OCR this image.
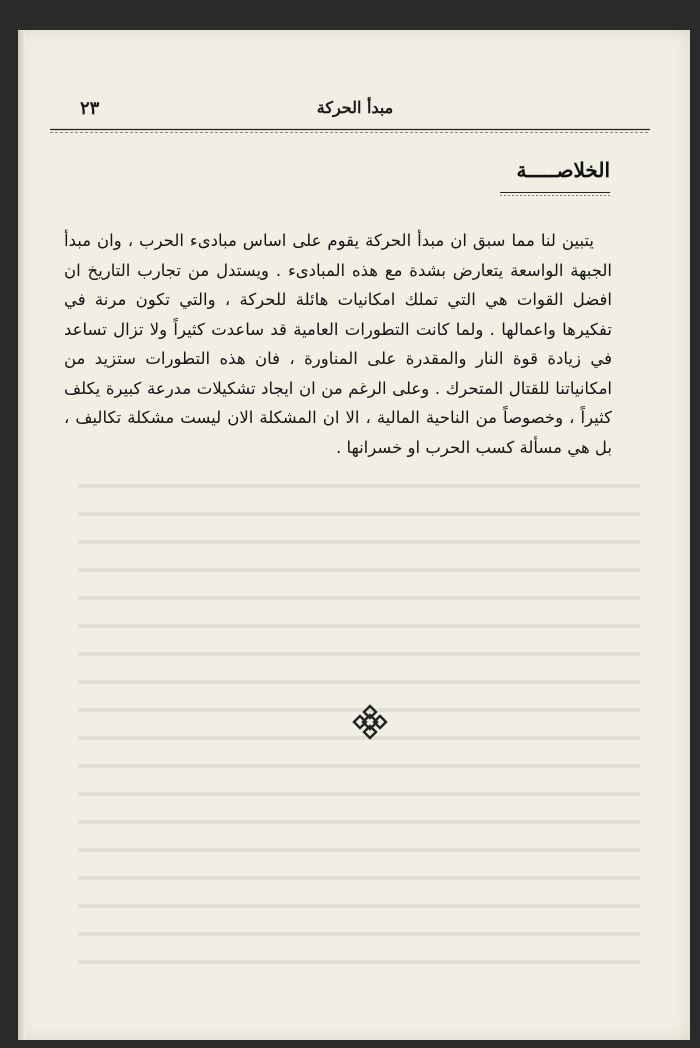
مبدأ الحركة
٢٣
الخلاصـــــة

يتبين لنا مما سبق ان مبدأ الحركة يقوم على اساس مبادىء الحرب ، وان مبدأ الجبهة الواسعة يتعارض بشدة مع هذه المبادىء . ويستدل من تجارب التاريخ ان افضل القوات هي التي تملك امكانيات هائلة للحركة ، والتي تكون مرنة في تفكيرها واعمالها . ولما كانت التطورات العامية قد ساعدت كثيراً ولا تزال تساعد في زيادة قوة النار والمقدرة على المناورة ، فان هذه التطورات ستزيد من امكانياتنا للقتال المتحرك . وعلى الرغم من ان ايجاد تشكيلات مدرعة كبيرة يكلف كثيراً ، وخصوصاً من الناحية المالية ، الا ان المشكلة الان ليست مشكلة تكاليف ، بل هي مسألة كسب الحرب او خسرانها .
